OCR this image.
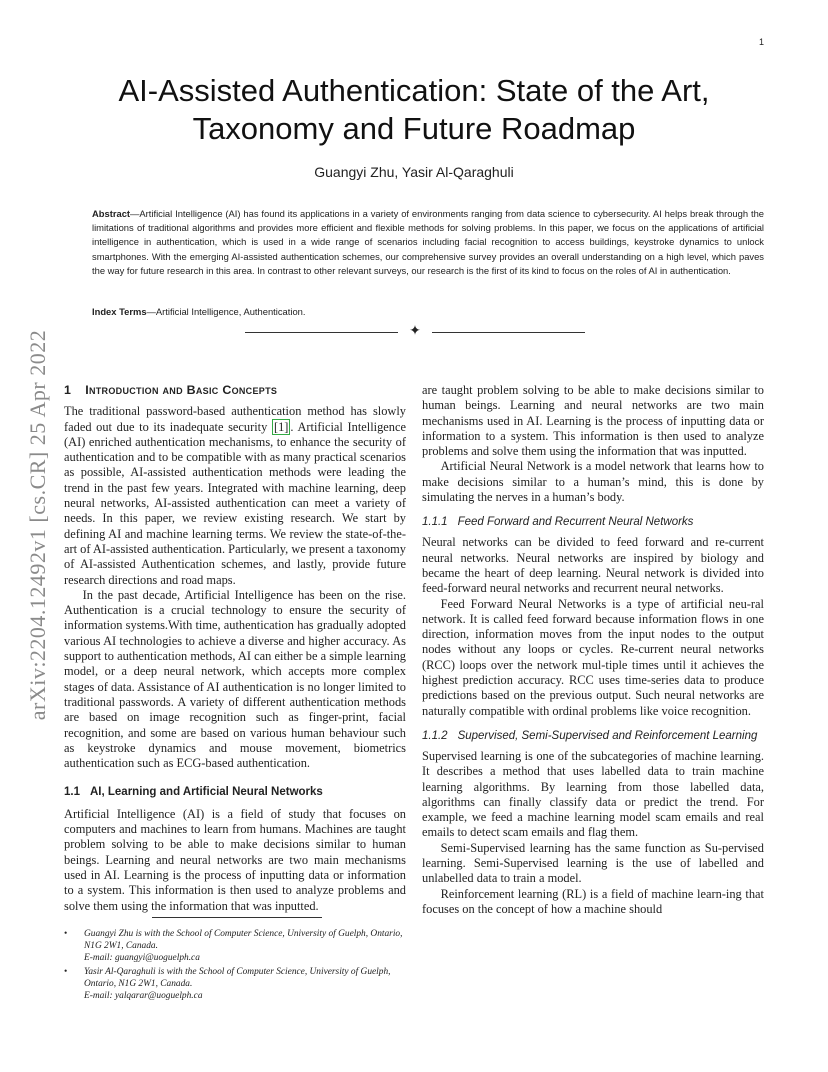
1
arXiv:2204.12492v1 [cs.CR] 25 Apr 2022
AI-Assisted Authentication: State of the Art,
Taxonomy and Future Roadmap
Guangyi Zhu, Yasir Al-Qaraghuli
Abstract—Artificial Intelligence (AI) has found its applications in a variety of environments ranging from data science to cybersecurity. AI helps break through the limitations of traditional algorithms and provides more efficient and flexible methods for solving problems. In this paper, we focus on the applications of artificial intelligence in authentication, which is used in a wide range of scenarios including facial recognition to access buildings, keystroke dynamics to unlock smartphones. With the emerging AI-assisted authentication schemes, our comprehensive survey provides an overall understanding on a high level, which paves the way for future research in this area. In contrast to other relevant surveys, our research is the first of its kind to focus on the roles of AI in authentication.
Index Terms—Artificial Intelligence, Authentication.
✦
1 Introduction and Basic Concepts

The traditional password-based authentication method has slowly faded out due to its inadequate security [1] . Artificial Intelligence (AI) enriched authentication mechanisms, to enhance the security of authentication and to be compatible with as many practical scenarios as possible, AI-assisted authentication methods were leading the trend in the past few years. Integrated with machine learning, deep neural networks, AI-assisted authentication can meet a variety of needs. In this paper, we review existing research. We start by defining AI and machine learning terms. We review the state-of-the-art of AI-assisted authentication. Particularly, we present a taxonomy of AI-assisted Authentication schemes, and lastly, provide future research directions and road maps.

In the past decade, Artificial Intelligence has been on the rise. Authentication is a crucial technology to ensure the security of information systems.With time, authentication has gradually adopted various AI technologies to achieve a diverse and higher accuracy. As support to authentication methods, AI can either be a simple learning model, or a deep neural network, which accepts more complex stages of data. Assistance of AI authentication is no longer limited to traditional passwords. A variety of different authentication methods are based on image recognition such as finger-print, facial recognition, and some are based on various human behaviour such as keystroke dynamics and mouse movement, biometrics authentication such as ECG-based authentication.

1.1 AI, Learning and Artificial Neural Networks

Artificial Intelligence (AI) is a field of study that focuses on computers and machines to learn from humans. Machines are taught problem solving to be able to make decisions similar to human beings. Learning and neural networks are two main mechanisms used in AI. Learning is the process of inputting data or information to a system. This information is then used to analyze problems and solve them using the information that was inputted.

are taught problem solving to be able to make decisions similar to human beings. Learning and neural networks are two main mechanisms used in AI. Learning is the process of inputting data or information to a system. This information is then used to analyze problems and solve them using the information that was inputted.

Artificial Neural Network is a model network that learns how to make decisions similar to a human’s mind, this is done by simulating the nerves in a human’s body.

1.1.1 Feed Forward and Recurrent Neural Networks

Neural networks can be divided to feed forward and re-current neural networks. Neural networks are inspired by biology and became the heart of deep learning. Neural network is divided into feed-forward neural networks and recurrent neural networks.

Feed Forward Neural Networks is a type of artificial neu-ral network. It is called feed forward because information flows in one direction, information moves from the input nodes to the output nodes without any loops or cycles. Re-current neural networks (RCC) loops over the network mul-tiple times until it achieves the highest prediction accuracy. RCC uses time-series data to produce predictions based on the previous output. Such neural networks are naturally compatible with ordinal problems like voice recognition.

1.1.2 Supervised, Semi-Supervised and Reinforcement Learning

Supervised learning is one of the subcategories of machine learning. It describes a method that uses labelled data to train machine learning algorithms. By learning from those labelled data, algorithms can finally classify data or predict the trend. For example, we feed a machine learning model scam emails and real emails to detect scam emails and flag them.

Semi-Supervised learning has the same function as Su-pervised learning. Semi-Supervised learning is the use of labelled and unlabelled data to train a model.

Reinforcement learning (RL) is a field of machine learn-ing that focuses on the concept of how a machine should

• Guangyi Zhu is with the School of Computer Science, University of Guelph, Ontario, N1G 2W1, Canada.
E-mail: guangyi@uoguelph.ca
• Yasir Al-Qaraghuli is with the School of Computer Science, University of Guelph, Ontario, N1G 2W1, Canada.
E-mail: yalqarar@uoguelph.ca
